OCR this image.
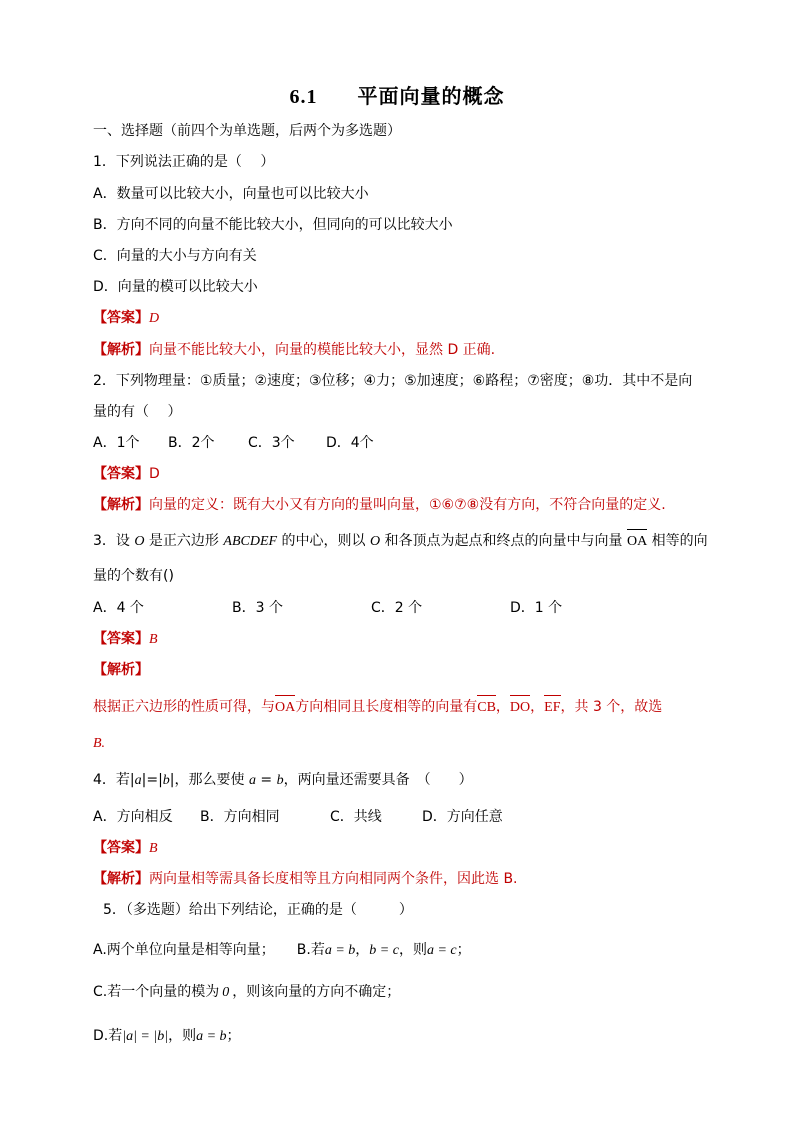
6.1 平面向量的概念
一、选择题（前四个为单选题，后两个为多选题）
1．下列说法正确的是（　 ）
A．数量可以比较大小，向量也可以比较大小
B．方向不同的向量不能比较大小，但同向的可以比较大小
C．向量的大小与方向有关
D．向量的模可以比较大小
【答案】D
【解析】向量不能比较大小，向量的模能比较大小，显然 D 正确.
2．下列物理量：①质量；②速度；③位移；④力；⑤加速度；⑥路程；⑦密度；⑧功．其中不是向
量的有（　 ）
A．1个 B．2个 C．3个 D．4个
【答案】D
【解析】向量的定义：既有大小又有方向的量叫向量，①⑥⑦⑧没有方向，不符合向量的定义.
3．设 O 是正六边形 ABCDEF 的中心，则以 O 和各顶点为起点和终点的向量中与向量 OA 相等的向
量的个数有()
A．4 个	B．3 个	C．2 个	D．1 个
【答案】B
【解析】
根据正六边形的性质可得，与OA方向相同且长度相等的向量有CB，DO，EF，共 3 个，故选
B.
4．若|a|=|b|，那么要使 a = b，两向量还需要具备　（　　）
A．方向相反 B．方向相同	C．共线	D．方向任意
【答案】B
【解析】两向量相等需具备长度相等且方向相同两个条件，因此选 B.
5．（多选题）给出下列结论，正确的是（　　　）
A.两个单位向量是相等向量； B.若a = b，b = c，则a = c；
C.若一个向量的模为 0 ，则该向量的方向不确定；
D.若|a| = |b|，则a = b；
